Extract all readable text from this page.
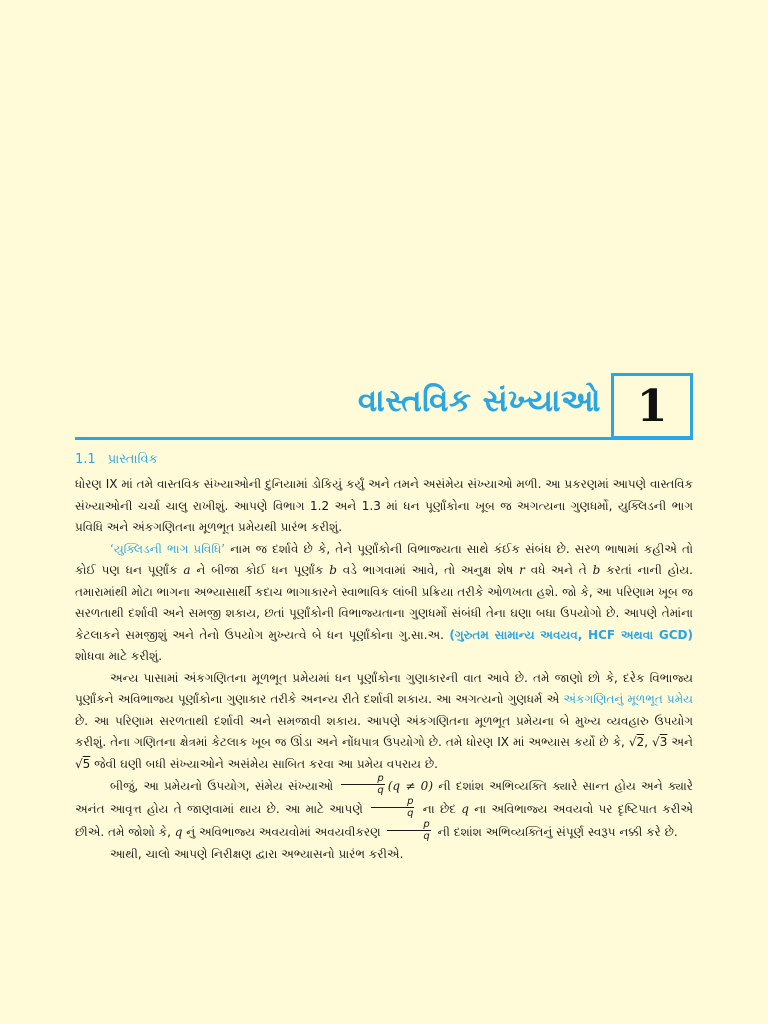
વાસ્તવિક સંખ્યાઓ 1
1.1 પ્રાસ્તાવિક

ધોરણ IX માં તમે વાસ્તવિક સંખ્યાઓની દુનિયામાં ડોકિયું કર્યું અને તમને અસંમેય સંખ્યાઓ મળી. આ પ્રકરણમાં આપણે વાસ્તવિક સંખ્યાઓની ચર્ચા ચાલુ રાખીશું. આપણે વિભાગ 1.2 અને 1.3 માં ધન પૂર્ણાંકોના ખૂબ જ અગત્યના ગુણધર્મો, યુક્લિડની ભાગ પ્રવિધિ અને અંકગણિતના મૂળભૂત પ્રમેયથી પ્રારંભ કરીશું.

‘યુક્લિડની ભાગ પ્રવિધિ’ નામ જ દર્શાવે છે કે, તેને પૂર્ણાંકોની વિભાજ્યતા સાથે કંઈક સંબંધ છે. સરળ ભાષામાં કહીએ તો કોઈ પણ ધન પૂર્ણાંક a ને બીજા કોઈ ધન પૂર્ણાંક b વડે ભાગવામાં આવે, તો અનુક્ષ શેષ r વધે અને તે b કરતાં નાની હોય. તમારામાંથી મોટા ભાગના અભ્યાસાર્થી કદાચ ભાગાકારને સ્વાભાવિક લાંબી પ્રક્રિયા તરીકે ઓળખતા હશે. જો કે, આ પરિણામ ખૂબ જ સરળતાથી દર્શાવી અને સમજી શકાય, છતાં પૂર્ણાંકોની વિભાજ્યતાના ગુણધર્મો સંબંધી તેના ઘણા બધા ઉપયોગો છે. આપણે તેમાંના કેટલાકને સમજીશું અને તેનો ઉપયોગ મુખ્યત્વે બે ધન પૂર્ણાંકોના ગુ.સા.અ. (ગુરુતમ સામાન્ય અવયવ, HCF અથવા GCD) શોધવા માટે કરીશું.

અન્ય પાસામાં અંકગણિતના મૂળભૂત પ્રમેયમાં ધન પૂર્ણાંકોના ગુણાકારની વાત આવે છે. તમે જાણો છો કે, દરેક વિભાજ્ય પૂર્ણાંકને અવિભાજ્ય પૂર્ણાંકોના ગુણાકાર તરીકે અનન્ય રીતે દર્શાવી શકાય. આ અગત્યનો ગુણધર્મ એ અંકગણિતનું મૂળભૂત પ્રમેય છે. આ પરિણામ સરળતાથી દર્શાવી અને સમજાવી શકાય. આપણે અંકગણિતના મૂળભૂત પ્રમેયના બે મુખ્ય વ્યવહારુ ઉપયોગ કરીશું. તેના ગણિતના ક્ષેત્રમાં કેટલાક ખૂબ જ ઊંડા અને નોંધપાત્ર ઉપયોગો છે. તમે ધોરણ IX માં અભ્યાસ કર્યો છે કે, √2, √3 અને √5 જેવી ઘણી બધી સંખ્યાઓને અસંમેય સાબિત કરવા આ પ્રમેય વપરાય છે.

બીજું, આ પ્રમેયનો ઉપયોગ, સંમેય સંખ્યાઓ $\frac{p}{q} (q \ne 0)$ ની દશાંશ અભિવ્યક્તિ ક્યારે સાન્ત હોય અને ક્યારે અનંત આવૃત્ત હોય તે જાણવામાં થાય છે. આ માટે આપણે $\frac{p}{q}$ ના છેદ q ના અવિભાજ્ય અવયવો પર દૃષ્ટિપાત કરીએ છીએ. તમે જોશો કે, q નું અવિભાજ્ય અવયવોમાં અવયવીકરણ $\frac{p}{q}$ ની દશાંશ અભિવ્યક્તિનું સંપૂર્ણ સ્વરૂપ નક્કી કરે છે.

આથી, ચાલો આપણે નિરીક્ષણ દ્વારા અભ્યાસનો પ્રારંભ કરીએ.
